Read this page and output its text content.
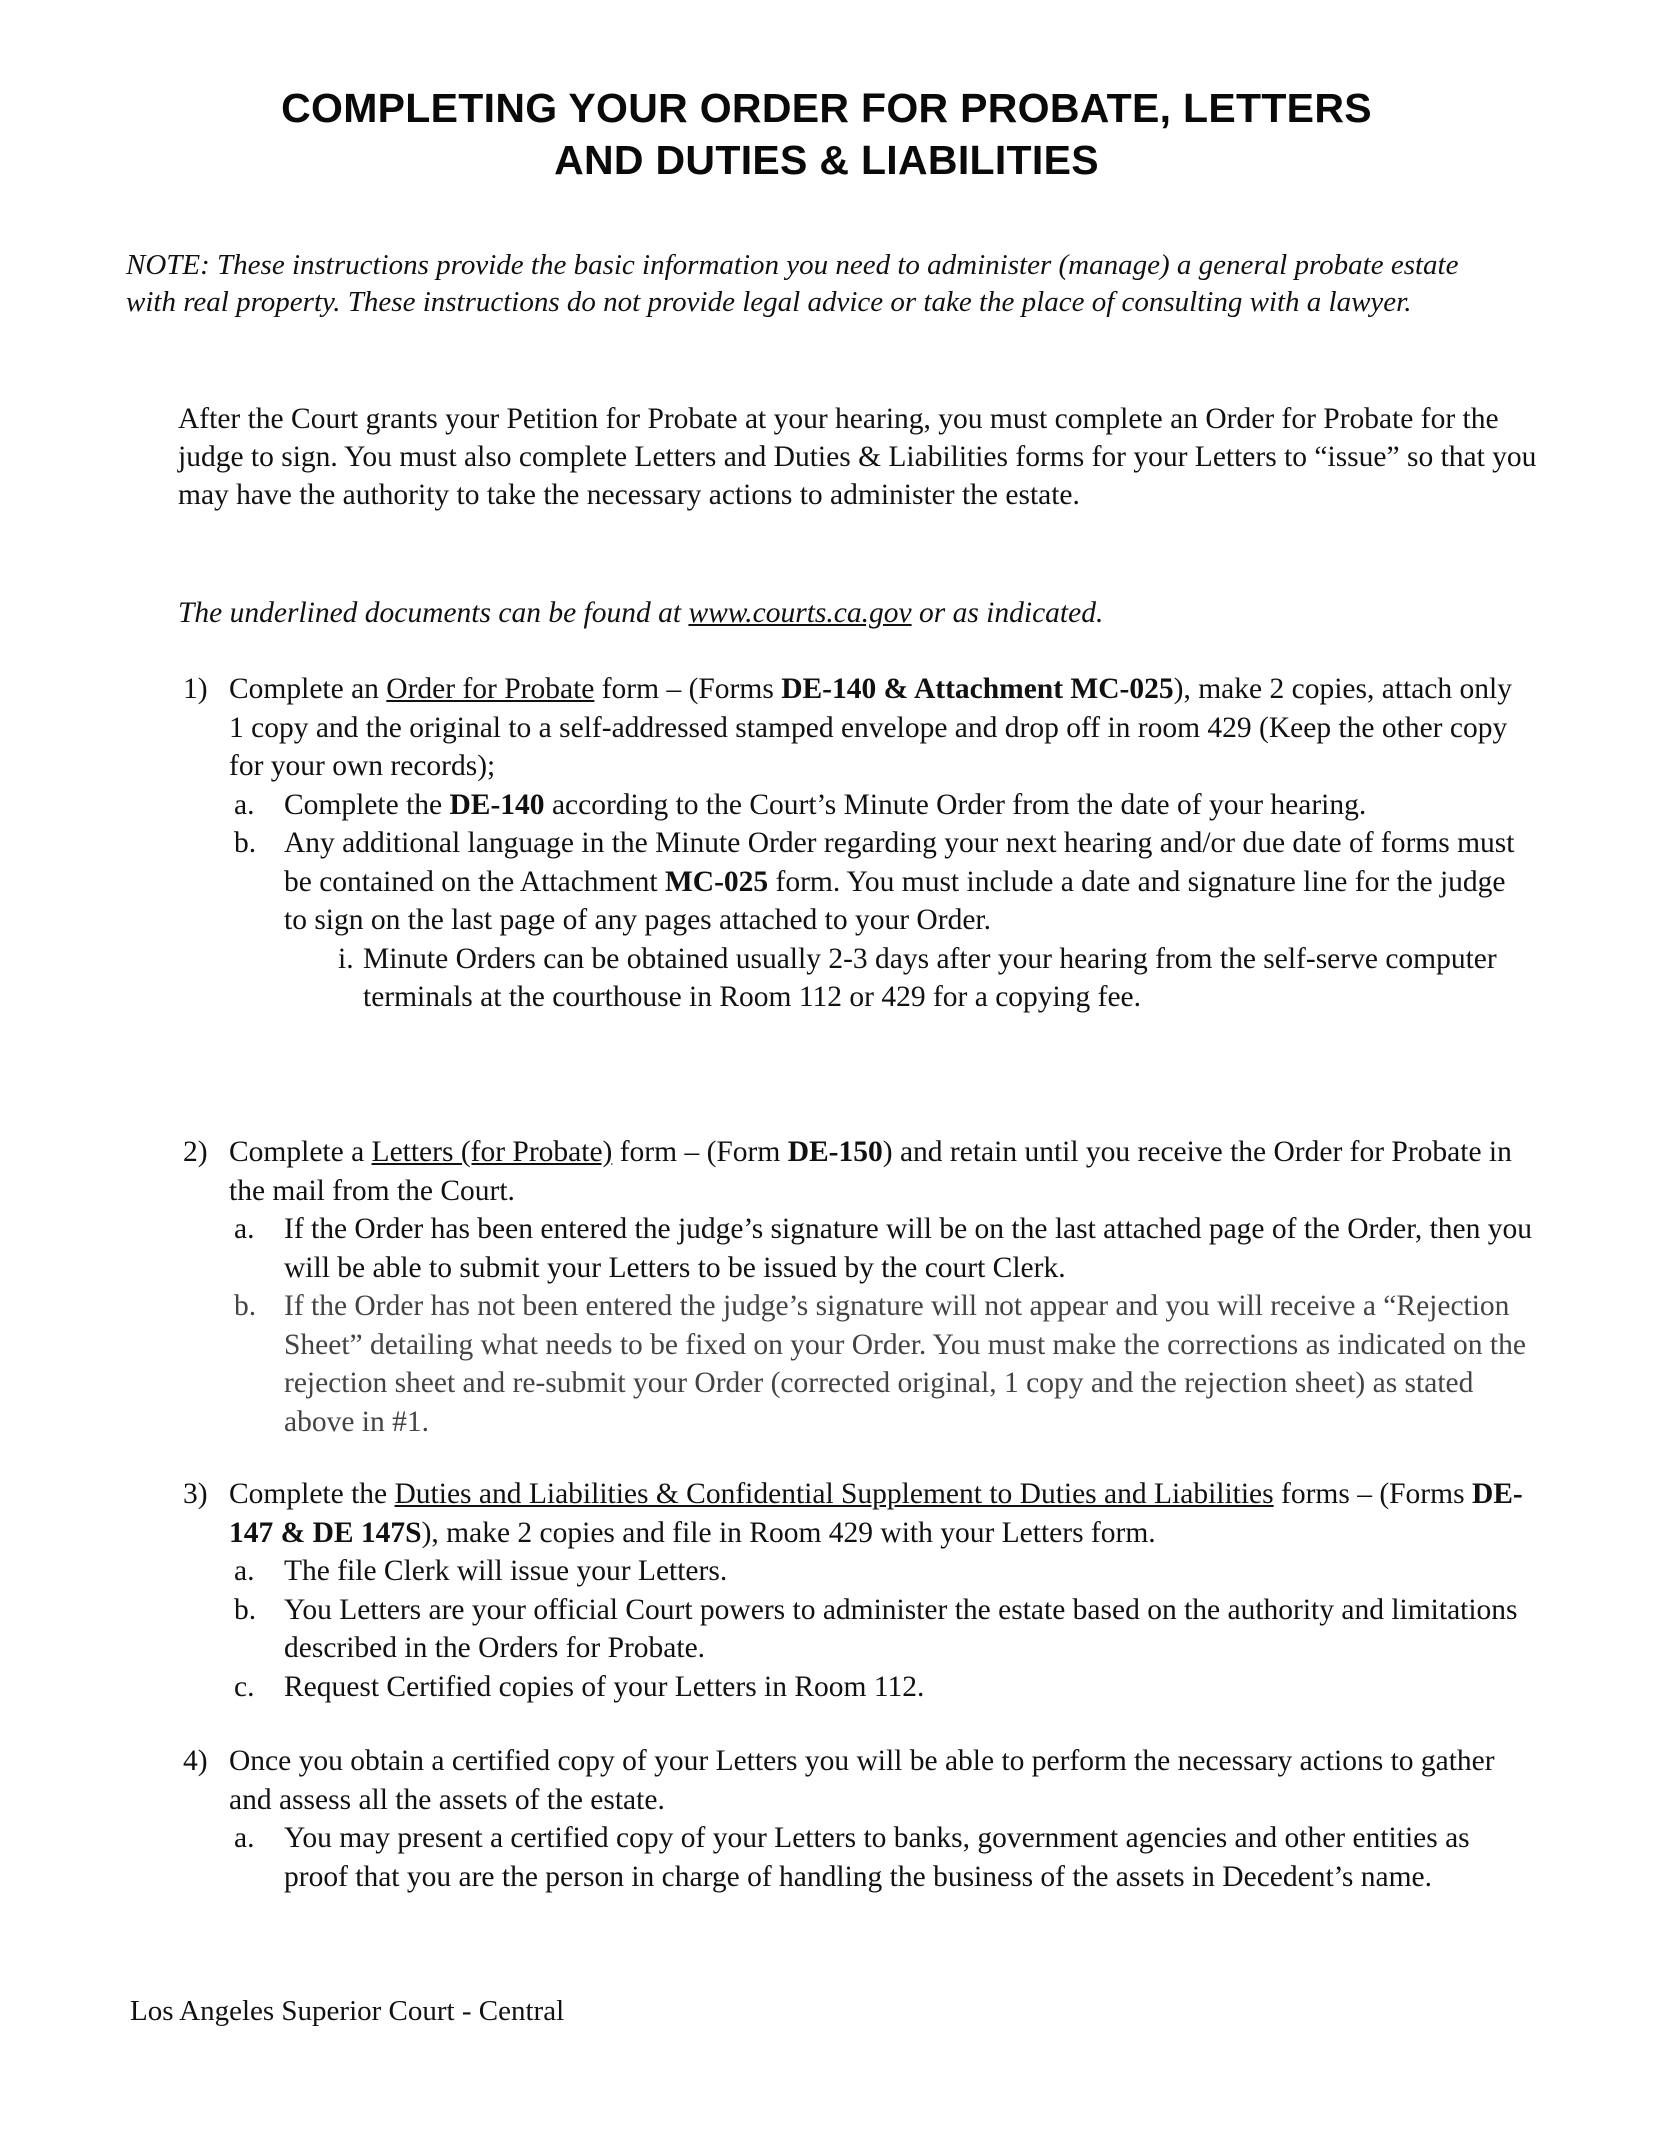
COMPLETING YOUR ORDER FOR PROBATE, LETTERS
AND DUTIES & LIABILITIES
NOTE: These instructions provide the basic information you need to administer (manage) a general probate estate with real property. These instructions do not provide legal advice or take the place of consulting with a lawyer.
After the Court grants your Petition for Probate at your hearing, you must complete an Order for Probate for the judge to sign. You must also complete Letters and Duties & Liabilities forms for your Letters to “issue” so that you may have the authority to take the necessary actions to administer the estate.
The underlined documents can be found at www.courts.ca.gov or as indicated.
1) Complete an Order for Probate form – (Forms DE-140 & Attachment MC-025), make 2 copies, attach only 1 copy and the original to a self-addressed stamped envelope and drop off in room 429 (Keep the other copy for your own records);
a. Complete the DE-140 according to the Court’s Minute Order from the date of your hearing.
b. Any additional language in the Minute Order regarding your next hearing and/or due date of forms must be contained on the Attachment MC-025 form. You must include a date and signature line for the judge to sign on the last page of any pages attached to your Order.
i. Minute Orders can be obtained usually 2-3 days after your hearing from the self-serve computer terminals at the courthouse in Room 112 or 429 for a copying fee.
2) Complete a Letters (for Probate) form – (Form DE-150) and retain until you receive the Order for Probate in the mail from the Court.
a. If the Order has been entered the judge’s signature will be on the last attached page of the Order, then you will be able to submit your Letters to be issued by the court Clerk.
b. If the Order has not been entered the judge’s signature will not appear and you will receive a “Rejection Sheet” detailing what needs to be fixed on your Order. You must make the corrections as indicated on the rejection sheet and re-submit your Order (corrected original, 1 copy and the rejection sheet) as stated above in #1.
3) Complete the Duties and Liabilities & Confidential Supplement to Duties and Liabilities forms – (Forms DE-147 & DE 147S), make 2 copies and file in Room 429 with your Letters form.
a. The file Clerk will issue your Letters.
b. You Letters are your official Court powers to administer the estate based on the authority and limitations described in the Orders for Probate.
c. Request Certified copies of your Letters in Room 112.
4) Once you obtain a certified copy of your Letters you will be able to perform the necessary actions to gather and assess all the assets of the estate.
a. You may present a certified copy of your Letters to banks, government agencies and other entities as proof that you are the person in charge of handling the business of the assets in Decedent’s name.
Los Angeles Superior Court - Central
